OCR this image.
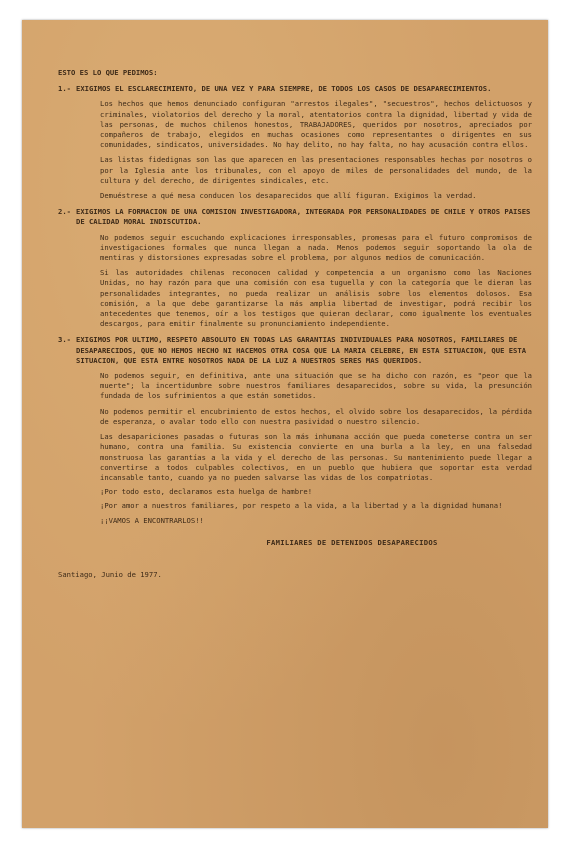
ESTO ES LO QUE PEDIMOS:
1.- EXIGIMOS EL ESCLARECIMIENTO, DE UNA VEZ Y PARA SIEMPRE, DE TODOS LOS CASOS DE DESAPARECIMIENTOS.

Los hechos que hemos denunciado configuran "arrestos ilegales", "secuestros", hechos delictuosos y criminales, violatorios del derecho y la moral, atentatorios contra la dignidad, libertad y vida de las personas, de muchos chilenos honestos, TRABAJADORES, queridos por nosotros, apreciados por compañeros de trabajo, elegidos en muchas ocasiones como representantes o dirigentes en sus comunidades, sindicatos, universidades. No hay delito, no hay falta, no hay acusación contra ellos.

Las listas fidedignas son las que aparecen en las presentaciones responsables hechas por nosotros o por la Iglesia ante los tribunales, con el apoyo de miles de personalidades del mundo, de la cultura y del derecho, de dirigentes sindicales, etc.

Demuéstrese a qué mesa conducen los desaparecidos que allí figuran. Exigimos la verdad.

2.- EXIGIMOS LA FORMACION DE UNA COMISION INVESTIGADORA, INTEGRADA POR PERSONALIDADES DE CHILE Y OTROS PAISES DE CALIDAD MORAL INDISCUTIDA.

No podemos seguir escuchando explicaciones irresponsables, promesas para el futuro compromisos de investigaciones formales que nunca llegan a nada. Menos podemos seguir soportando la ola de mentiras y distorsiones expresadas sobre el problema, por algunos medios de comunicación.

Si las autoridades chilenas reconocen calidad y competencia a un organismo como las Naciones Unidas, no hay razón para que una comisión con esa tuguella y con la categoría que le dieran las personalidades integrantes, no pueda realizar un análisis sobre los elementos dolosos. Esa comisión, a la que debe garantizarse la más amplia libertad de investigar, podrá recibir los antecedentes que tenemos, oír a los testigos que quieran declarar, como igualmente los eventuales descargos, para emitir finalmente su pronunciamiento independiente.

3.- EXIGIMOS POR ULTIMO, RESPETO ABSOLUTO EN TODAS LAS GARANTIAS INDIVIDUALES PARA NOSOTROS, FAMILIARES DE DESAPARECIDOS, QUE NO HEMOS HECHO NI HACEMOS OTRA COSA QUE LA MARIA CELEBRE, EN ESTA SITUACION, QUE ESTA SITUACION, QUE ESTA ENTRE NOSOTROS NADA DE LA LUZ A NUESTROS SERES MAS QUERIDOS.

No podemos seguir, en definitiva, ante una situación que se ha dicho con razón, es "peor que la muerte"; la incertidumbre sobre nuestros familiares desaparecidos, sobre su vida, la presunción fundada de los sufrimientos a que están sometidos.

No podemos permitir el encubrimiento de estos hechos, el olvido sobre los desaparecidos, la pérdida de esperanza, o avalar todo ello con nuestra pasividad o nuestro silencio.

Las desapariciones pasadas o futuras son la más inhumana acción que pueda cometerse contra un ser humano, contra una familia. Su existencia convierte en una burla a la ley, en una falsedad monstruosa las garantías a la vida y el derecho de las personas. Su mantenimiento puede llegar a convertirse a todos culpables colectivos, en un pueblo que hubiera que soportar esta verdad incansable tanto, cuando ya no pueden salvarse las vidas de los compatriotas.

¡Por todo esto, declaramos esta huelga de hambre!

¡Por amor a nuestros familiares, por respeto a la vida, a la libertad y a la dignidad humana!

¡¡VAMOS A ENCONTRARLOS!!

FAMILIARES DE DETENIDOS DESAPARECIDOS
Santiago, Junio de 1977.
